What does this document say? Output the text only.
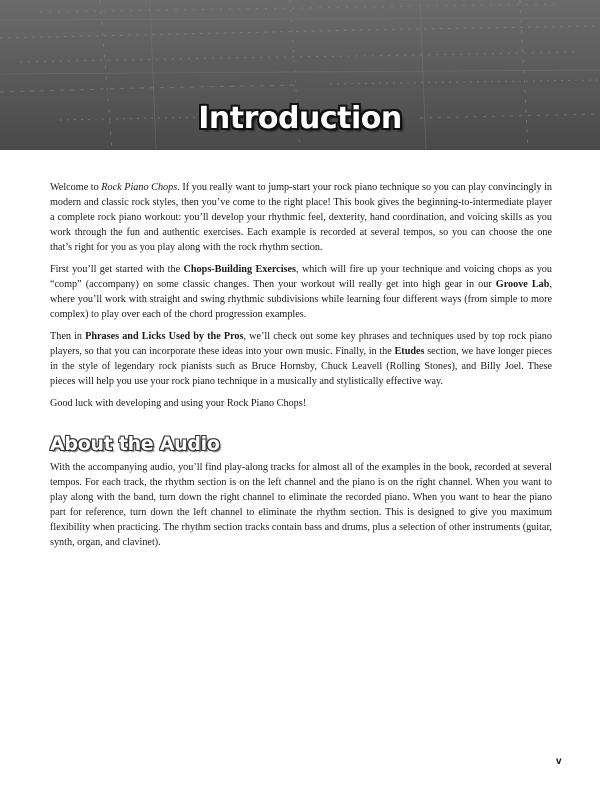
Introduction

Welcome to Rock Piano Chops. If you really want to jump-start your rock piano technique so you can play convincingly in modern and classic rock styles, then you’ve come to the right place! This book gives the beginning-to-intermediate player a complete rock piano workout: you’ll develop your rhythmic feel, dexterity, hand coordination, and voicing skills as you work through the fun and authentic exercises. Each example is recorded at several tempos, so you can choose the one that’s right for you as you play along with the rock rhythm section.

First you’ll get started with the Chops-Building Exercises, which will fire up your technique and voicing chops as you “comp” (accompany) on some classic changes. Then your workout will really get into high gear in our Groove Lab, where you’ll work with straight and swing rhythmic subdivisions while learning four different ways (from simple to more complex) to play over each of the chord progression examples.

Then in Phrases and Licks Used by the Pros, we’ll check out some key phrases and techniques used by top rock piano players, so that you can incorporate these ideas into your own music. Finally, in the Etudes section, we have longer pieces in the style of legendary rock pianists such as Bruce Hornsby, Chuck Leavell (Rolling Stones), and Billy Joel. These pieces will help you use your rock piano technique in a musically and stylistically effective way.

Good luck with developing and using your Rock Piano Chops!

About the Audio

With the accompanying audio, you’ll find play-along tracks for almost all of the examples in the book, recorded at several tempos. For each track, the rhythm section is on the left channel and the piano is on the right channel. When you want to play along with the band, turn down the right channel to eliminate the recorded piano. When you want to hear the piano part for reference, turn down the left channel to eliminate the rhythm section. This is designed to give you maximum flexibility when practicing. The rhythm section tracks contain bass and drums, plus a selection of other instruments (guitar, synth, organ, and clavinet).

v
